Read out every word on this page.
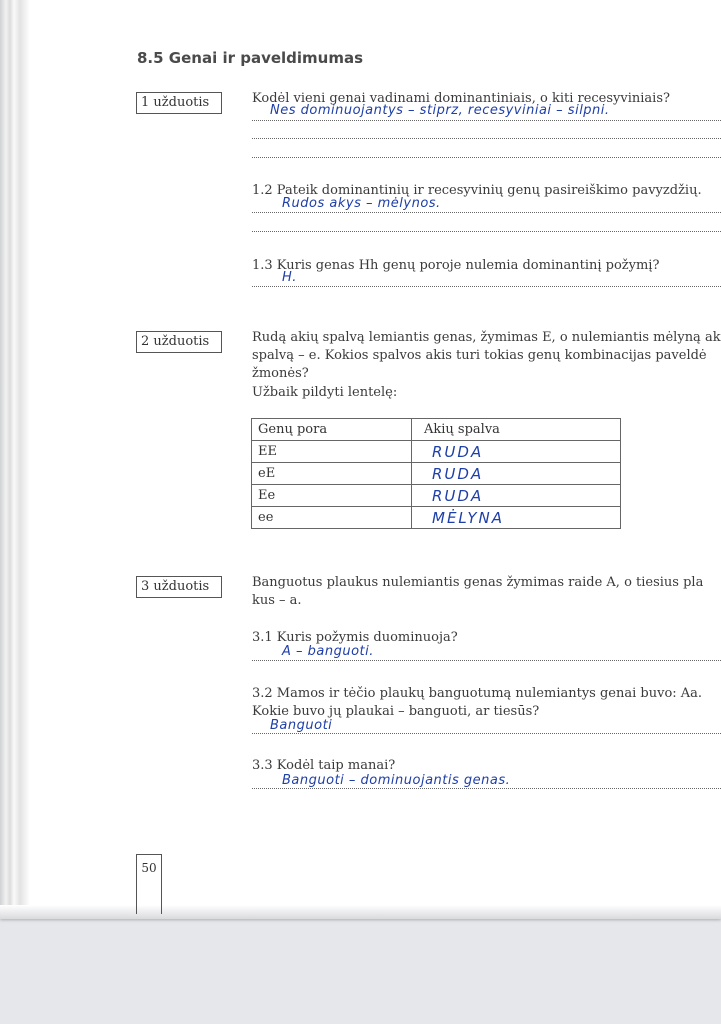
8.5 Genai ir paveldimumas
1 užduotis	Kodėl vieni genai vadinami dominantiniais, o kiti recesyviniais?
Nes dominuojantys – stiprz, recesyviniai – silpni.
1.2 Pateik dominantinių ir recesyvinių genų pasireiškimo pavyzdžių.
Rudos akys – mėlynos.
1.3 Kuris genas Hh genų poroje nulemia dominantinį požymį?
H.
2 užduotis	Rudą akių spalvą lemiantis genas, žymimas E, o nulemiantis mėlyną ak
spalvą – e. Kokios spalvos akis turi tokias genų kombinacijas paveldė
žmonės?
Užbaik pildyti lentelę:
Genų pora	Akių spalva
EE	RUDA
eE	RUDA
Ee	RUDA
ee	MĖLYNA
3 užduotis	Banguotus plaukus nulemiantis genas žymimas raide A, o tiesius pla
kus – a.
3.1 Kuris požymis duominuoja?
A – banguoti.
3.2 Mamos ir tėčio plaukų banguotumą nulemiantys genai buvo: Aa.
Kokie buvo jų plaukai – banguoti, ar tiesūs?
Banguoti
3.3 Kodėl taip manai?
Banguoti – dominuojantis genas.
50
